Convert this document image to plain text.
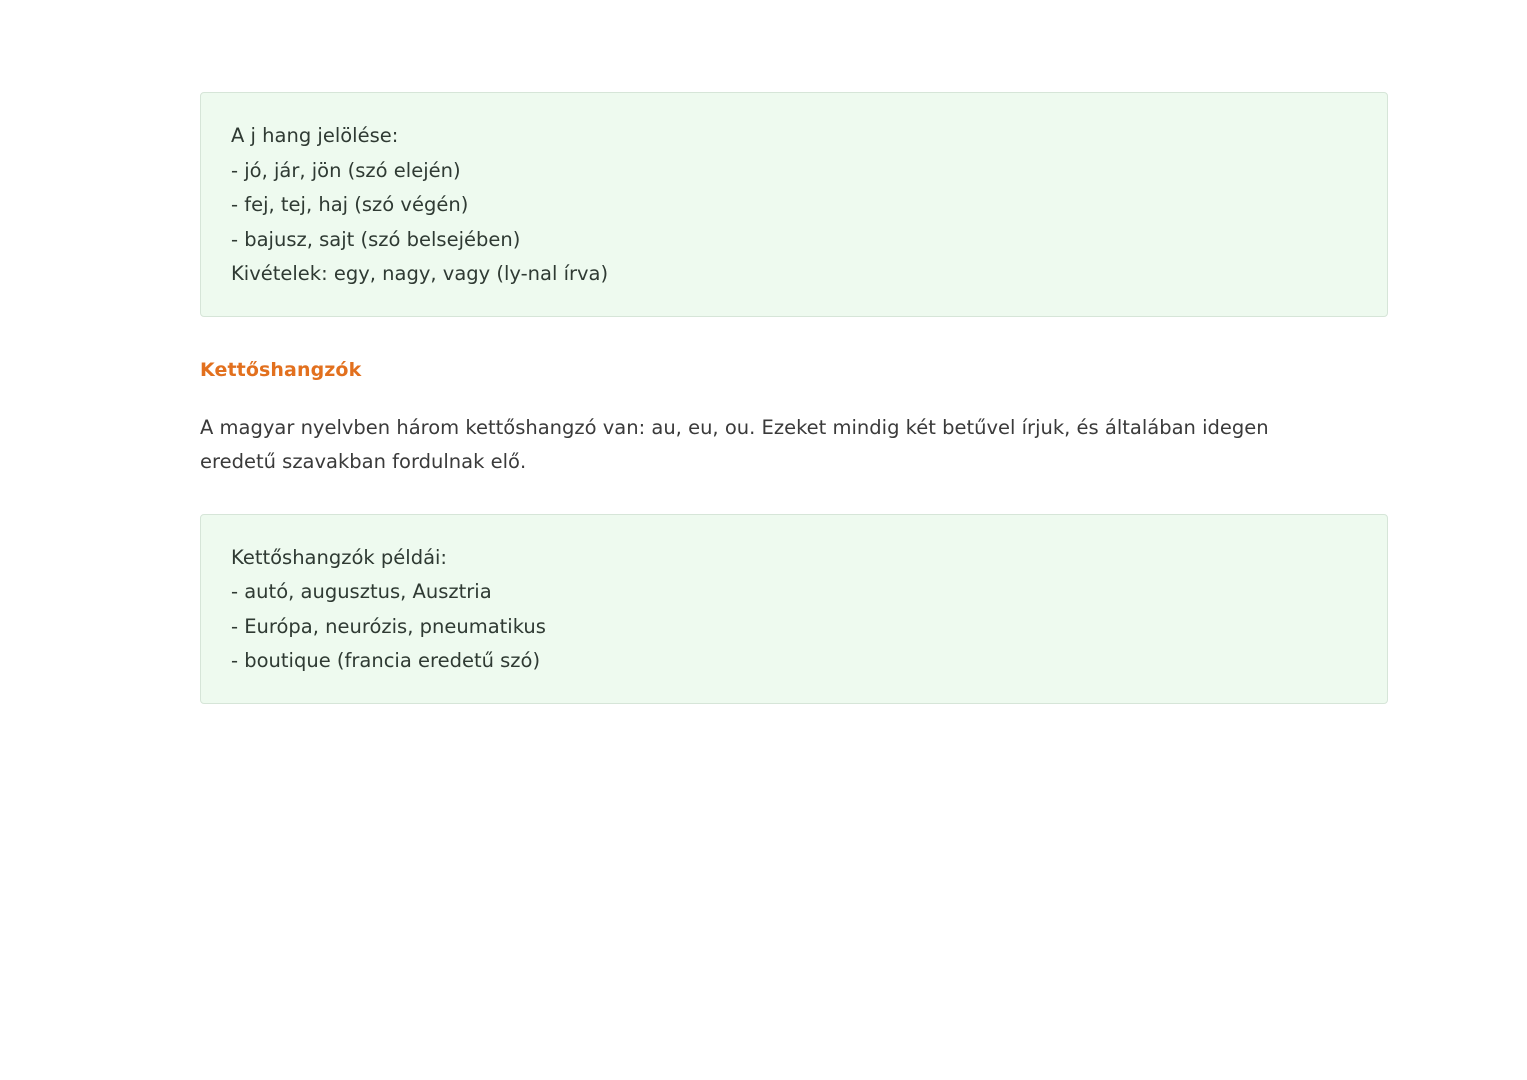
A j hang jelölése:
- jó, jár, jön (szó elején)
- fej, tej, haj (szó végén)
- bajusz, sajt (szó belsejében)
Kivételek: egy, nagy, vagy (ly-nal írva)
Kettőshangzók

A magyar nyelvben három kettőshangzó van: au, eu, ou. Ezeket mindig két betűvel írjuk, és általában idegen eredetű szavakban fordulnak elő.

Kettőshangzók példái:
- autó, augusztus, Ausztria
- Európa, neurózis, pneumatikus
- boutique (francia eredetű szó)
